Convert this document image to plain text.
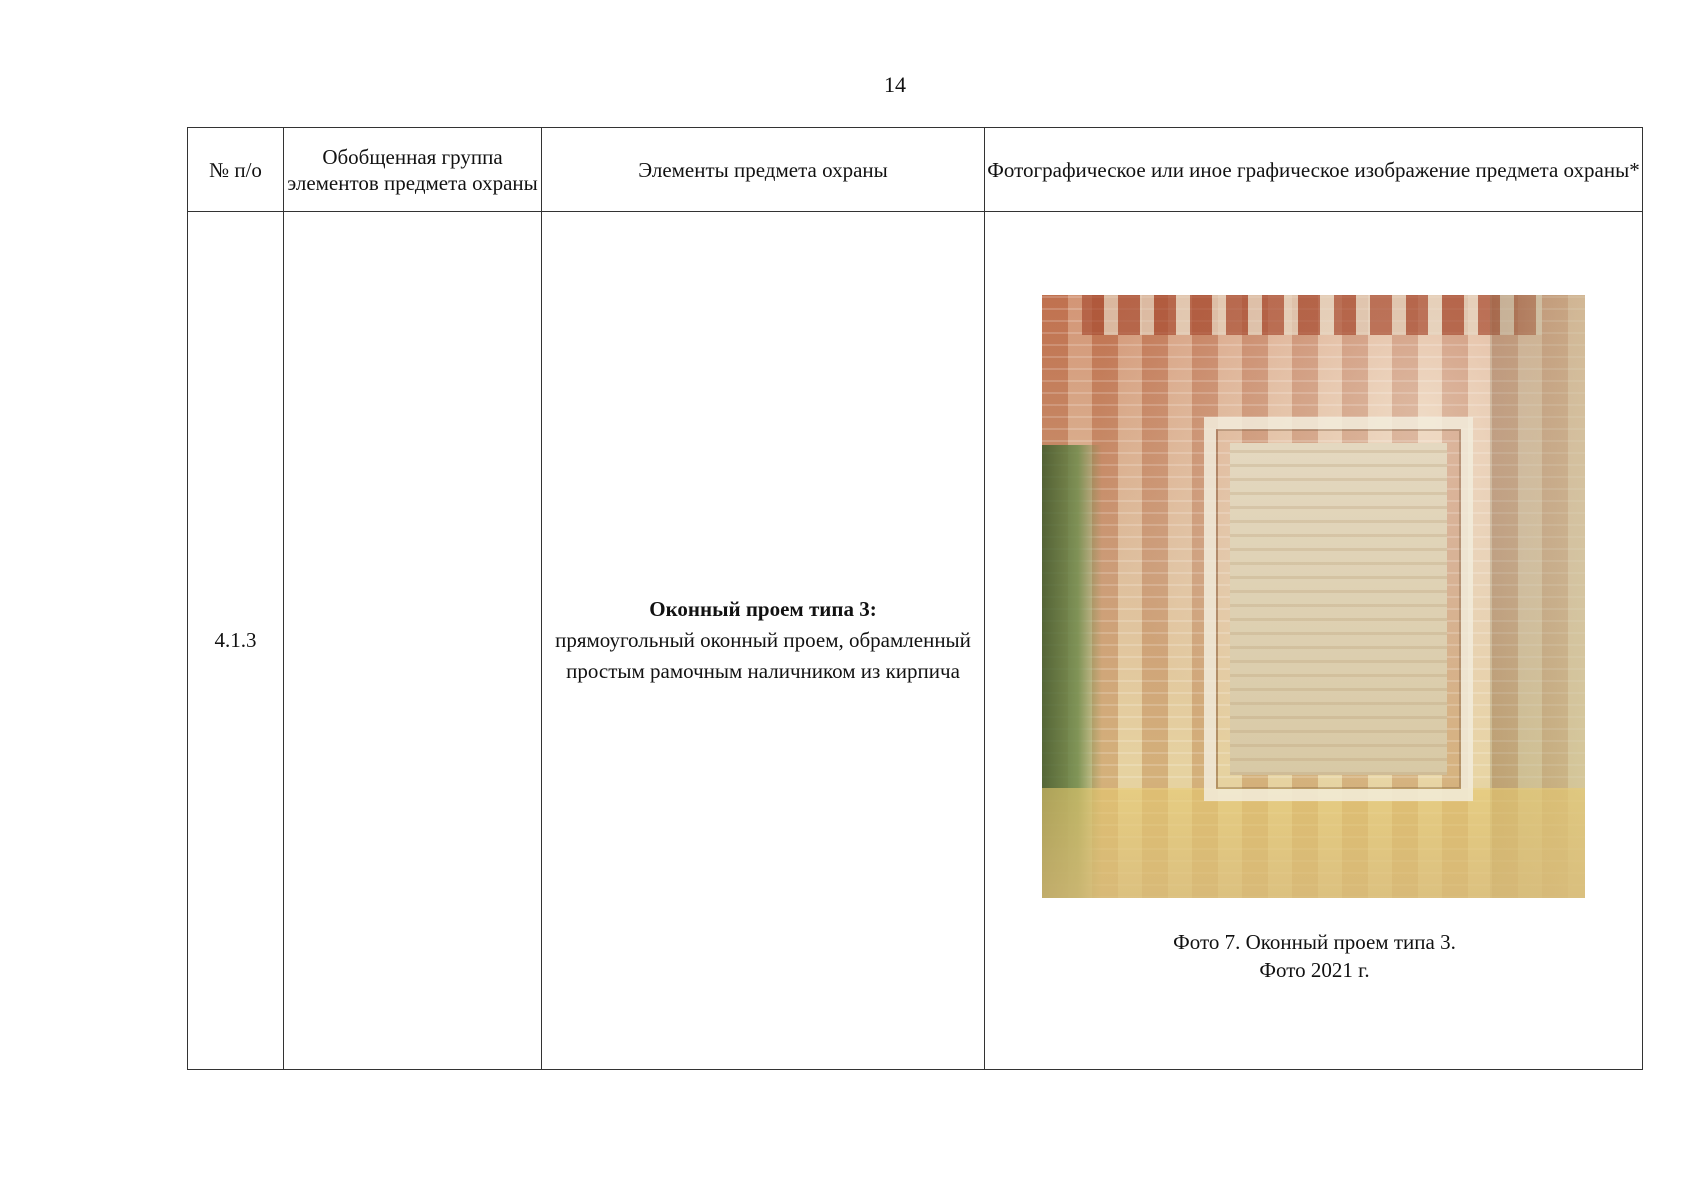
14
№ п/о	Обобщенная группа элементов предмета охраны	Элементы предмета охраны	Фотографическое или иное графическое изображение предмета охраны*
4.1.3		Оконный проем типа 3:
прямоугольный оконный проем, обрамленный простым рамочным наличником из кирпича	Фото 7. Оконный проем типа 3.
Фото 2021 г.
